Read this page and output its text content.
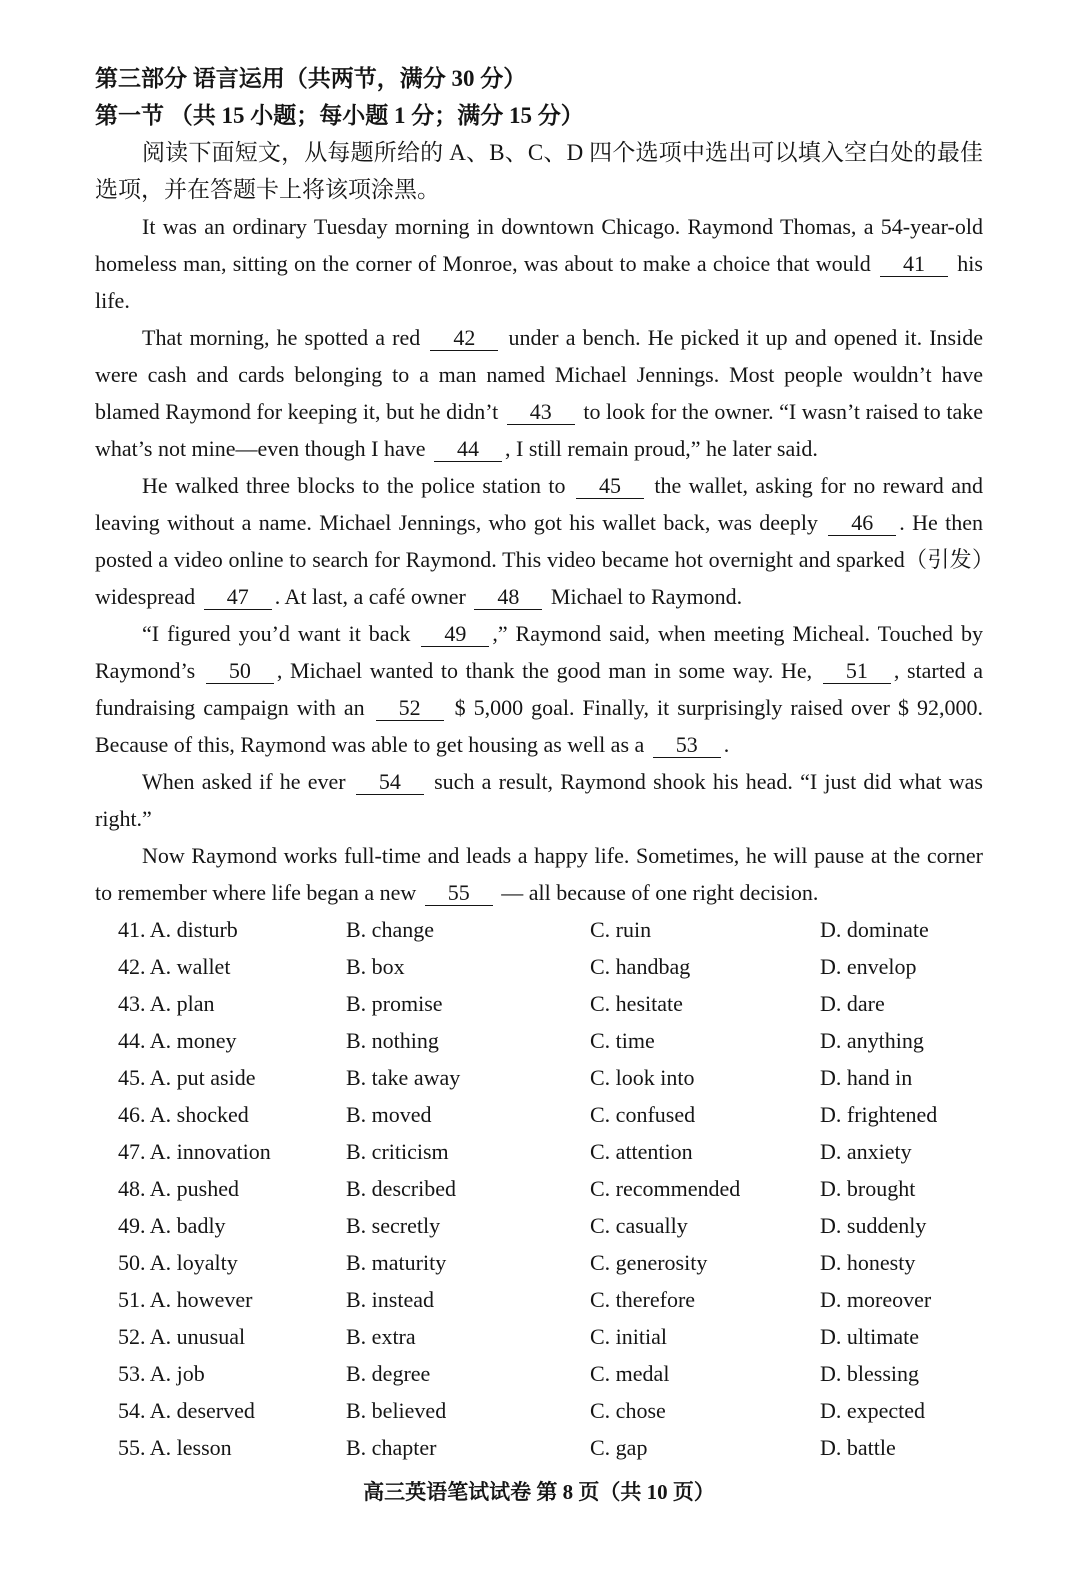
第三部分 语言运用（共两节，满分 30 分）

第一节 （共 15 小题；每小题 1 分；满分 15 分）

阅读下面短文，从每题所给的 A、B、C、D 四个选项中选出可以填入空白处的最佳选项，并在答题卡上将该项涂黑。

It was an ordinary Tuesday morning in downtown Chicago. Raymond Thomas, a 54-year-old homeless man, sitting on the corner of Monroe, was about to make a choice that would 41 his life.

That morning, he spotted a red 42 under a bench. He picked it up and opened it. Inside were cash and cards belonging to a man named Michael Jennings. Most people wouldn’t have blamed Raymond for keeping it, but he didn’t 43 to look for the owner. “I wasn’t raised to take what’s not mine—even though I have 44 , I still remain proud,” he later said.

He walked three blocks to the police station to 45 the wallet, asking for no reward and leaving without a name. Michael Jennings, who got his wallet back, was deeply 46 . He then posted a video online to search for Raymond. This video became hot overnight and sparked（引发）widespread 47 . At last, a café owner 48 Michael to Raymond.

“I figured you’d want it back 49 ,” Raymond said, when meeting Micheal. Touched by Raymond’s 50 , Michael wanted to thank the good man in some way. He, 51 , started a fundraising campaign with an 52 $ 5,000 goal. Finally, it surprisingly raised over $ 92,000. Because of this, Raymond was able to get housing as well as a 53 .

When asked if he ever 54 such a result, Raymond shook his head. “I just did what was right.”

Now Raymond works full-time and leads a happy life. Sometimes, he will pause at the corner to remember where life began a new 55 — all because of one right decision.

41. A. disturb	B. change	C. ruin	D. dominate
42. A. wallet	B. box	C. handbag	D. envelop
43. A. plan	B. promise	C. hesitate	D. dare
44. A. money	B. nothing	C. time	D. anything
45. A. put aside	B. take away	C. look into	D. hand in
46. A. shocked	B. moved	C. confused	D. frightened
47. A. innovation	B. criticism	C. attention	D. anxiety
48. A. pushed	B. described	C. recommended	D. brought
49. A. badly	B. secretly	C. casually	D. suddenly
50. A. loyalty	B. maturity	C. generosity	D. honesty
51. A. however	B. instead	C. therefore	D. moreover
52. A. unusual	B. extra	C. initial	D. ultimate
53. A. job	B. degree	C. medal	D. blessing
54. A. deserved	B. believed	C. chose	D. expected
55. A. lesson	B. chapter	C. gap	D. battle
高三英语笔试试卷 第 8 页（共 10 页）
